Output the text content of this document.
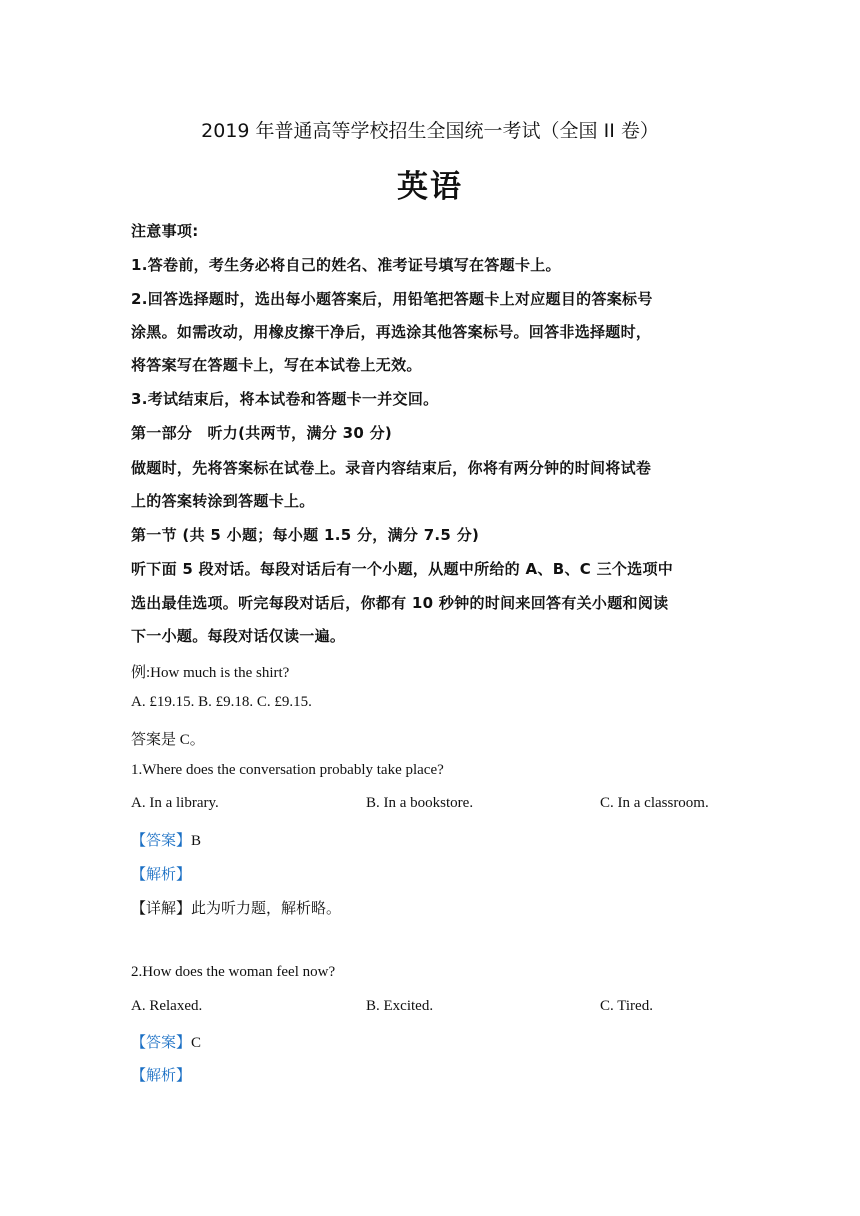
2019 年普通高等学校招生全国统一考试（全国 II 卷）
英语
注意事项:
1.答卷前，考生务必将自己的姓名、准考证号填写在答题卡上。
2.回答选择题时，选出每小题答案后，用铅笔把答题卡上对应题目的答案标号
涂黑。如需改动，用橡皮擦干净后，再选涂其他答案标号。回答非选择题时，
将答案写在答题卡上，写在本试卷上无效。
3.考试结束后，将本试卷和答题卡一并交回。
第一部分　听力(共两节，满分 30 分)
做题时，先将答案标在试卷上。录音内容结束后，你将有两分钟的时间将试卷
上的答案转涂到答题卡上。
第一节 (共 5 小题；每小题 1.5 分，满分 7.5 分)
听下面 5 段对话。每段对话后有一个小题，从题中所给的 A、B、C 三个选项中
选出最佳选项。听完每段对话后，你都有 10 秒钟的时间来回答有关小题和阅读
下一小题。每段对话仅读一遍。
例:How much is the shirt?
A. £19.15. B. £9.18. C. £9.15.
答案是 C。
1.Where does the conversation probably take place?
A. In a library.	B. In a bookstore.	C. In a classroom.
【答案】B
【解析】
【详解】此为听力题，解析略。
2.How does the woman feel now?
A. Relaxed.	B. Excited.	C. Tired.
【答案】C
【解析】
